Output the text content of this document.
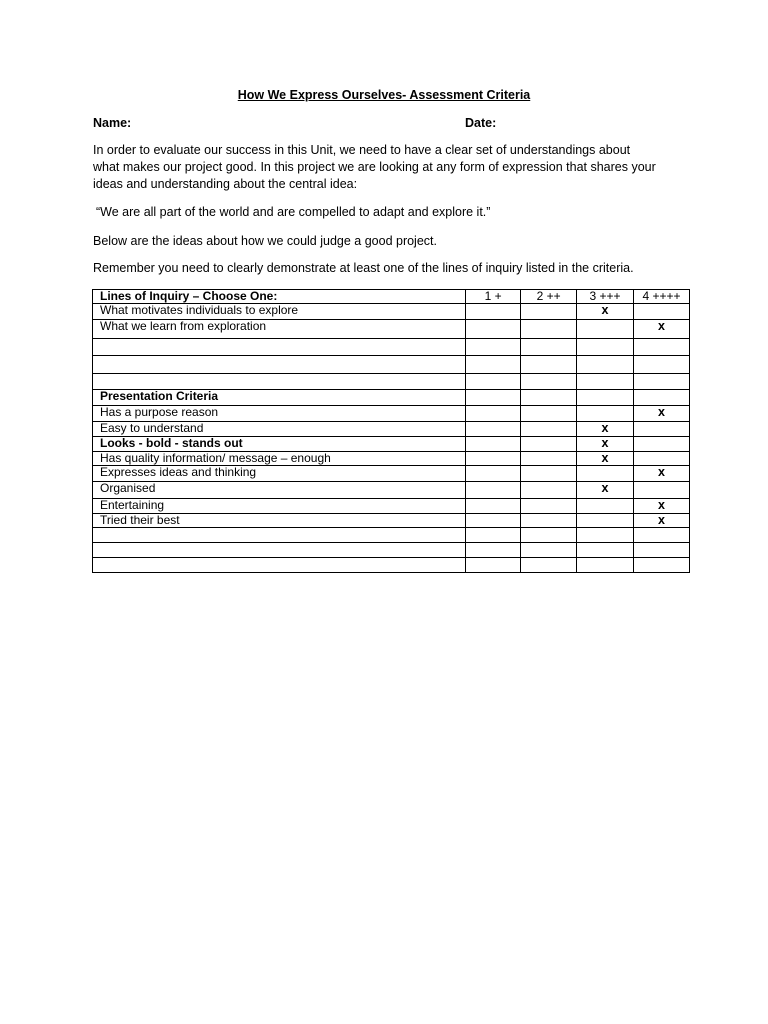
How We Express Ourselves- Assessment Criteria
Name:	Date:
In order to evaluate our success in this Unit, we need to have a clear set of understandings about
what makes our project good. In this project we are looking at any form of expression that shares your
ideas and understanding about the central idea:
“We are all part of the world and are compelled to adapt and explore it.”
Below are the ideas about how we could judge a good project.
Remember you need to clearly demonstrate at least one of the lines of inquiry listed in the criteria.
Lines of Inquiry – Choose One:	1 +	2 ++	3 +++	4 ++++
What motivates individuals to explore			x	
What we learn from exploration				x

Presentation Criteria				
Has a purpose reason				x
Easy to understand			x	
Looks - bold - stands out			x	
Has quality information/ message – enough			x	
Expresses ideas and thinking				x
Organised			x	
Entertaining				x
Tried their best				x
